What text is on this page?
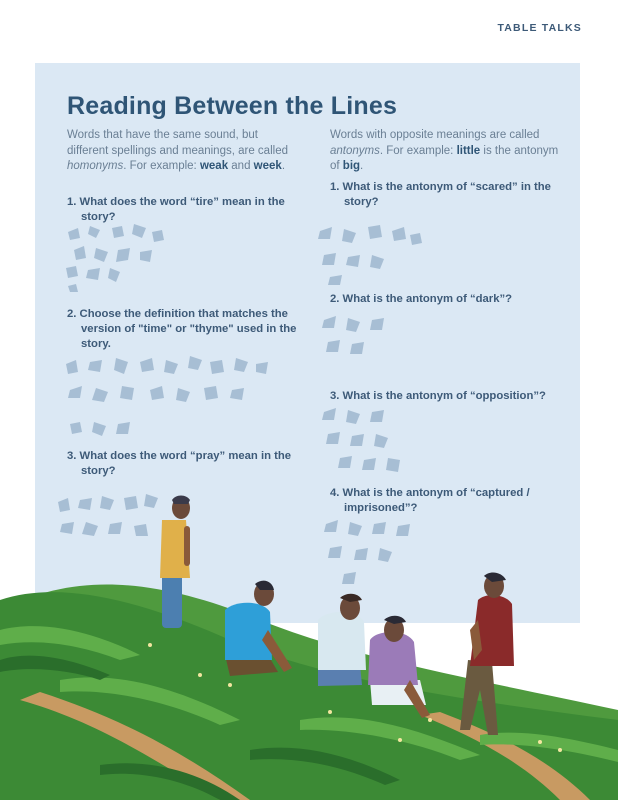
TABLE TALKS
Reading Between the Lines
Words that have the same sound, but different spellings and meanings, are called homonyms. For example: weak and week.
Words with opposite meanings are called antonyms. For example: little is the antonym of big.
1. What does the word “tire” mean in the story?
2. Choose the definition that matches the version of "time" or "thyme" used in the story.
3. What does the word “pray” mean in the story?
1. What is the antonym of “scared” in the story?
2. What is the antonym of “dark”?
3. What is the antonym of “opposition”?
4. What is the antonym of “captured / imprisoned”?
